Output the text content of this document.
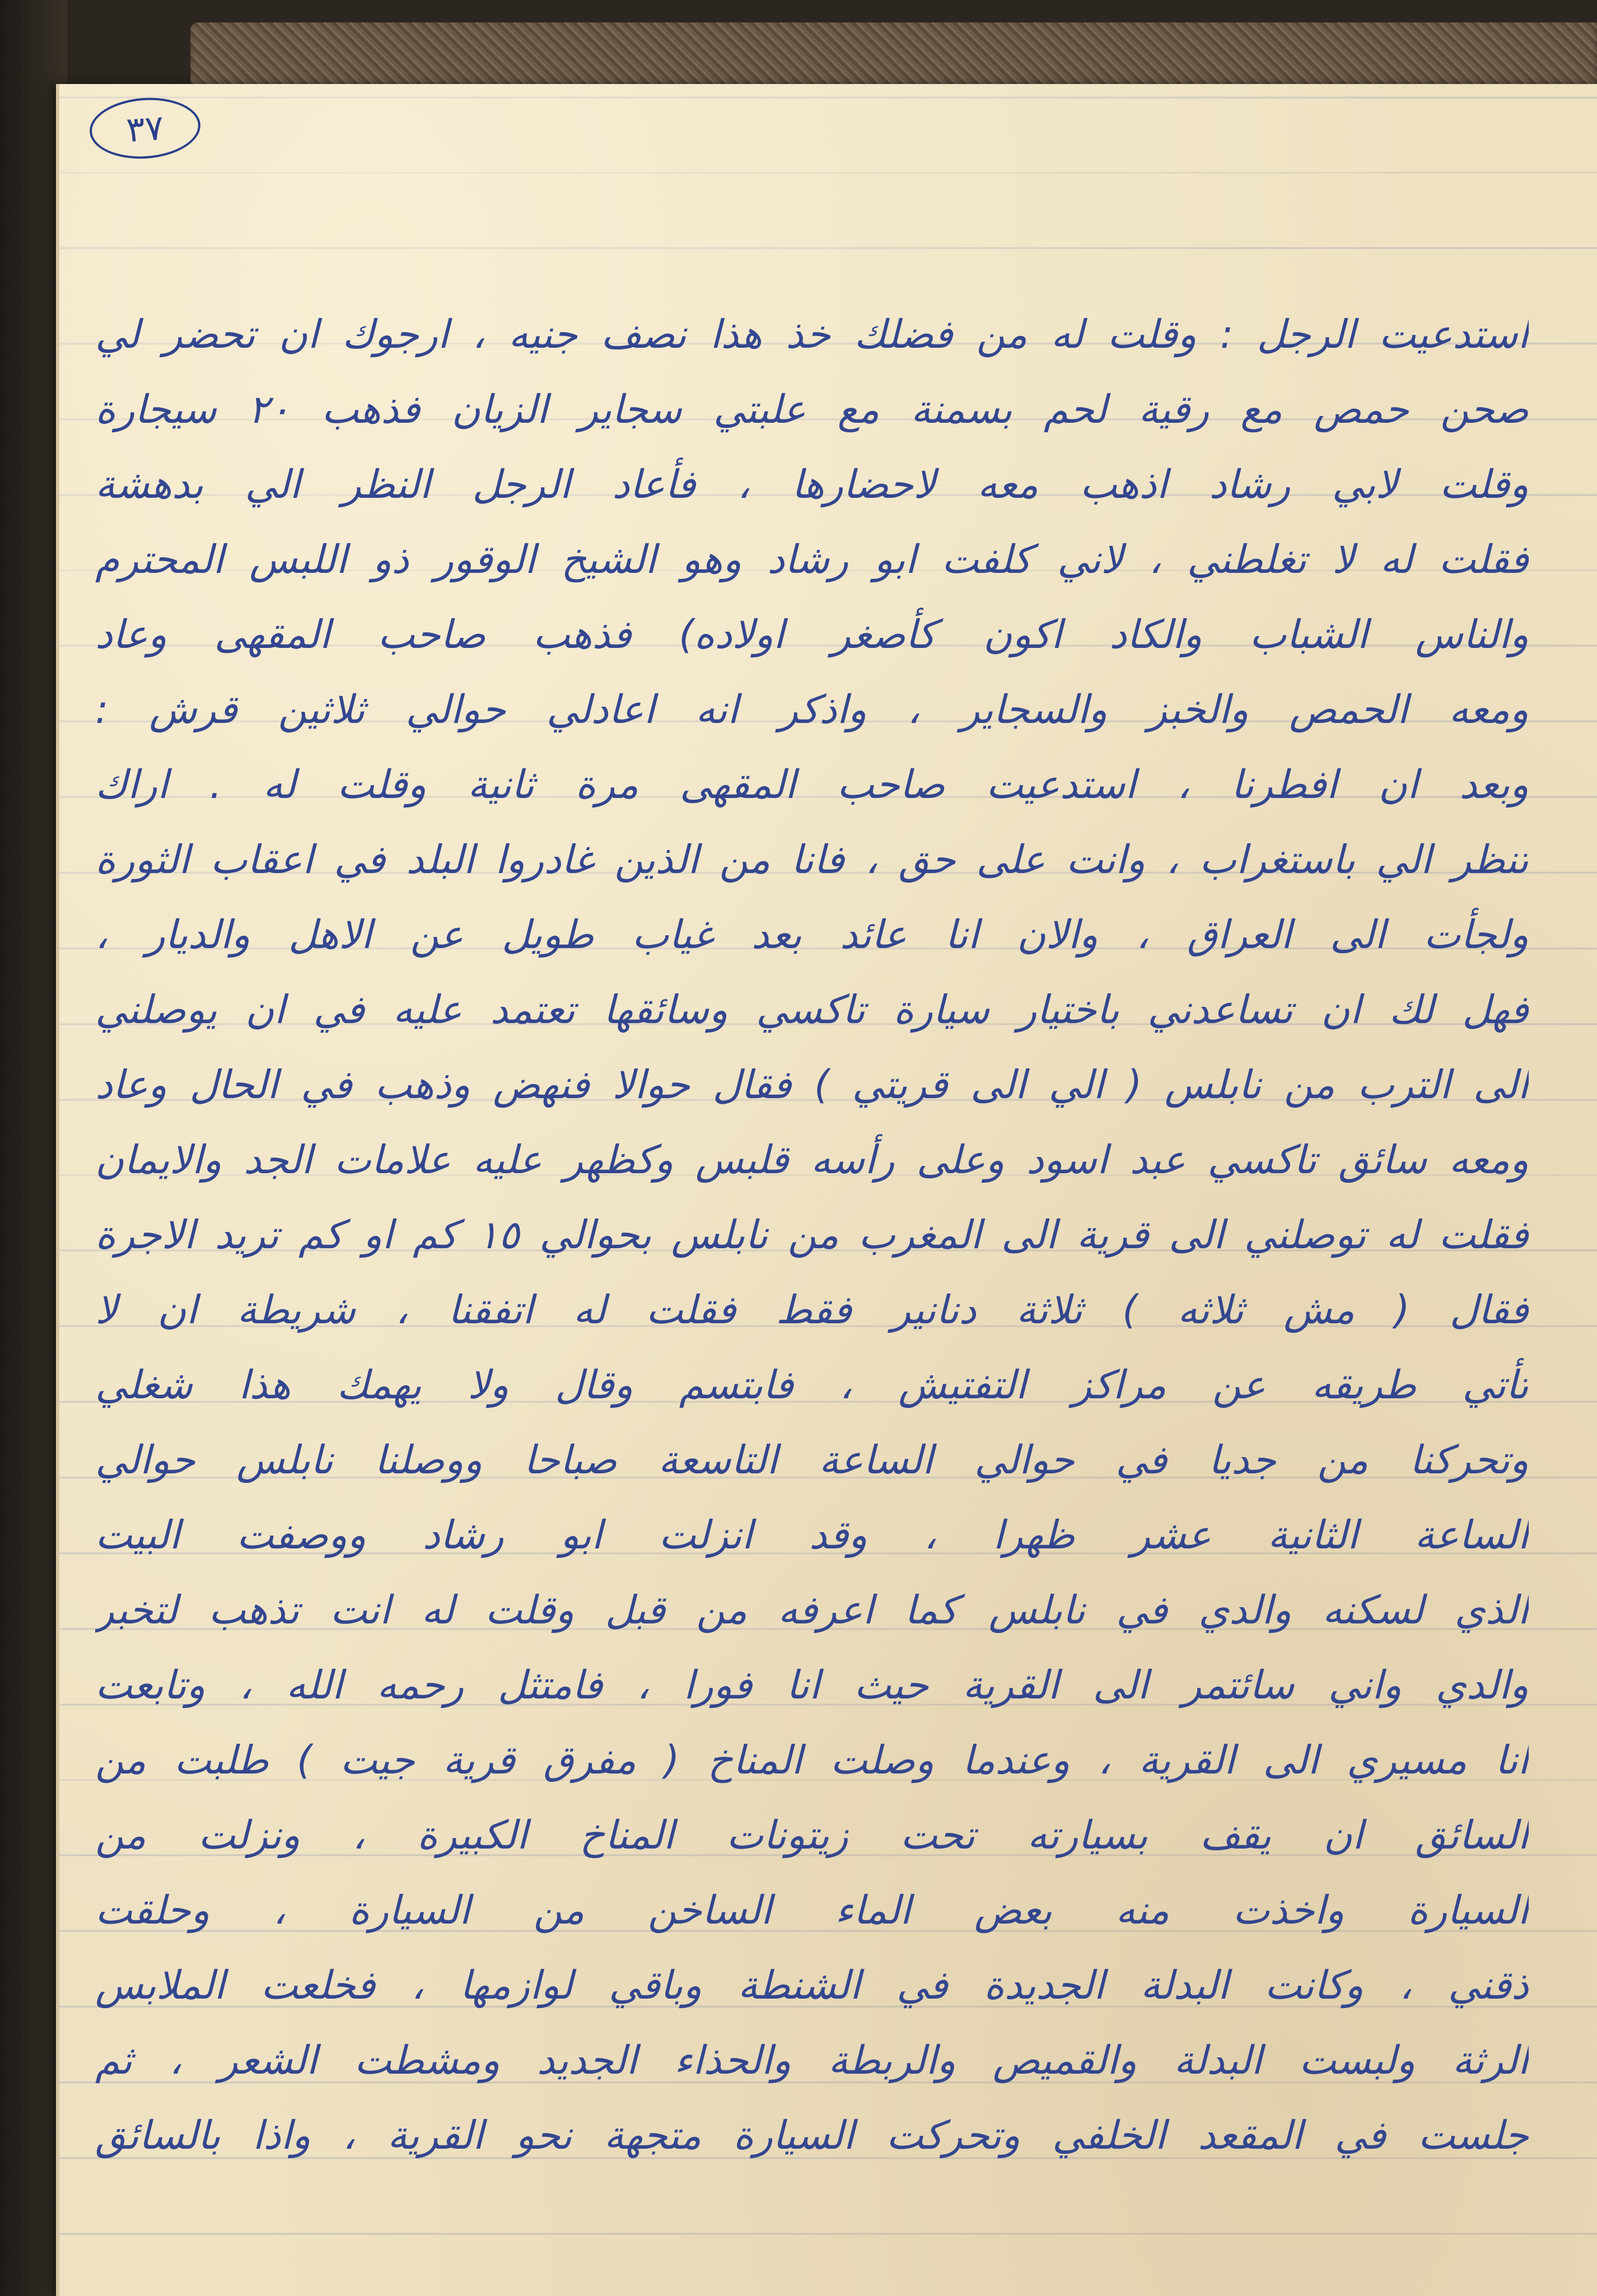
٣٧
استدعيت الرجل : وقلت له من فضلك خذ هذا نصف جنيه ، ارجوك ان تحضر لي
صحن حمص مع رقية لحم بسمنة مع علبتي سجاير الزيان فذهب ٢٠ سيجارة
وقلت لابي رشاد اذهب معه لاحضارها ، فأعاد الرجل النظر الي بدهشة
فقلت له لا تغلطني ، لاني كلفت ابو رشاد وهو الشيخ الوقور ذو اللبس المحترم
والناس الشباب والكاد اكون كأصغر اولاده) فذهب صاحب المقهى وعاد
ومعه الحمص والخبز والسجاير ، واذكر انه اعادلي حوالي ثلاثين قرش :
وبعد ان افطرنا ، استدعيت صاحب المقهى مرة ثانية وقلت له . اراك
تنظر الي باستغراب ، وانت على حق ، فانا من الذين غادروا البلد في اعقاب الثورة
ولجأت الى العراق ، والان انا عائد بعد غياب طويل عن الاهل والديار ،
فهل لك ان تساعدني باختيار سيارة تاكسي وسائقها تعتمد عليه في ان يوصلني
الى الترب من نابلس ( الي الى قريتي ) فقال حوالا فنهض وذهب في الحال وعاد
ومعه سائق تاكسي عبد اسود وعلى رأسه قلبس وكظهر عليه علامات الجد والايمان
فقلت له توصلني الى قرية الى المغرب من نابلس بحوالي ١٥ كم او كم تريد الاجرة
فقال ( مش ثلاثه ) ثلاثة دنانير فقط فقلت له اتفقنا ، شريطة ان لا
تأتي طريقه عن مراكز التفتيش ، فابتسم وقال ولا يهمك هذا شغلي
وتحركنا من جديا في حوالي الساعة التاسعة صباحا ووصلنا نابلس حوالي
الساعة الثانية عشر ظهرا ، وقد انزلت ابو رشاد ووصفت البيت
الذي لسكنه والدي في نابلس كما اعرفه من قبل وقلت له انت تذهب لتخبر
والدي واني سائتمر الى القرية حيث انا فورا ، فامتثل رحمه الله ، وتابعت
انا مسيري الى القرية ، وعندما وصلت المناخ ( مفرق قرية جيت ) طلبت من
السائق ان يقف بسيارته تحت زيتونات المناخ الكبيرة ، ونزلت من
السيارة واخذت منه بعض الماء الساخن من السيارة ، وحلقت
ذقني ، وكانت البدلة الجديدة في الشنطة وباقي لوازمها ، فخلعت الملابس
الرثة ولبست البدلة والقميص والربطة والحذاء الجديد ومشطت الشعر ، ثم
جلست في المقعد الخلفي وتحركت السيارة متجهة نحو القرية ، واذا بالسائق
